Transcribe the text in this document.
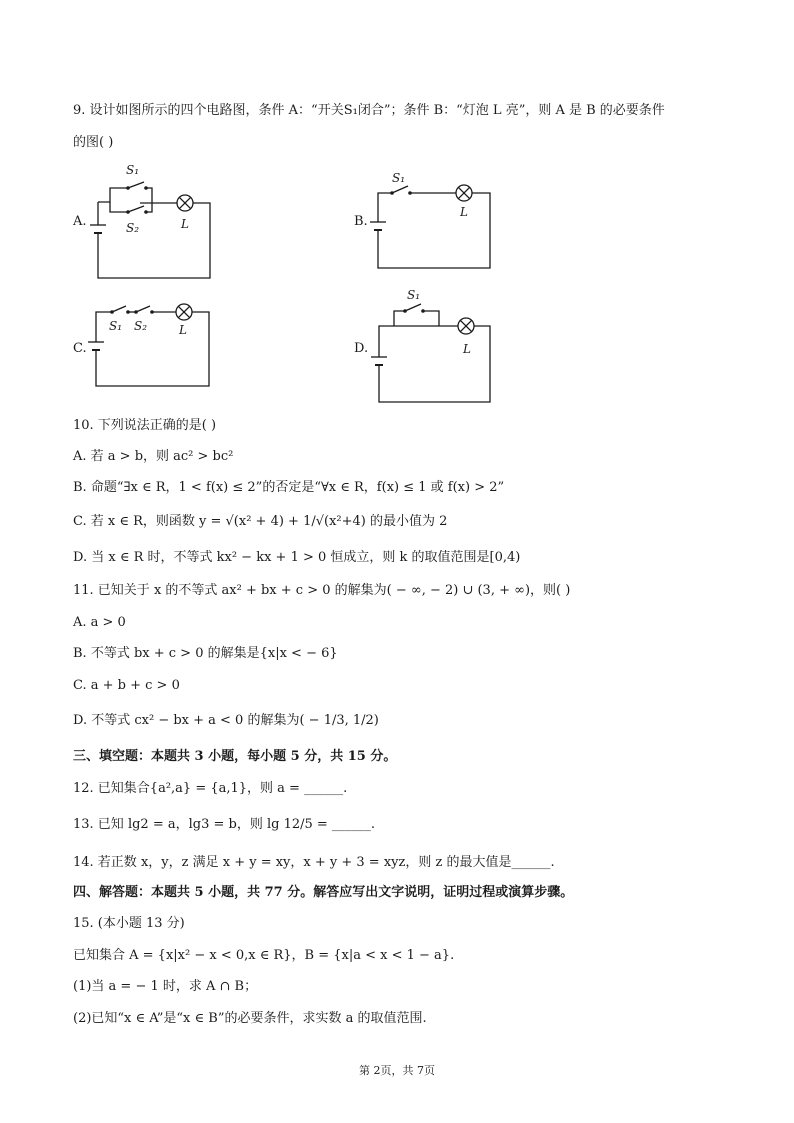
9. 设计如图所示的四个电路图，条件 A：“开关S₁闭合”；条件 B：“灯泡 L 亮”，则 A 是 B 的必要条件
的图( )
A.
S₁
S₂	L	B.
S₁
L
C.
S₁ S₂	L
D.
S₁
L
10. 下列说法正确的是( )
A. 若 a > b，则 ac² > bc²
B. 命题“∃x ∈ R，1 < f(x) ≤ 2”的否定是“∀x ∈ R，f(x) ≤ 1 或 f(x) > 2”
C. 若 x ∈ R，则函数 y = √(x² + 4) + 1/√(x²+4) 的最小值为 2
D. 当 x ∈ R 时，不等式 kx² − kx + 1 > 0 恒成立，则 k 的取值范围是[0,4)
11. 已知关于 x 的不等式 ax² + bx + c > 0 的解集为( − ∞, − 2) ∪ (3, + ∞)，则( )
A. a > 0
B. 不等式 bx + c > 0 的解集是{x|x < − 6}
C. a + b + c > 0
D. 不等式 cx² − bx + a < 0 的解集为( − 1/3, 1/2)
三、填空题：本题共 3 小题，每小题 5 分，共 15 分。
12. 已知集合{a²,a} = {a,1}，则 a = ______.
13. 已知 lg2 = a，lg3 = b，则 lg 12/5 = ______.
14. 若正数 x，y，z 满足 x + y = xy，x + y + 3 = xyz，则 z 的最大值是______.
四、解答题：本题共 5 小题，共 77 分。解答应写出文字说明，证明过程或演算步骤。
15. (本小题 13 分)
已知集合 A = {x|x² − x < 0,x ∈ R}，B = {x|a < x < 1 − a}.
(1)当 a = − 1 时，求 A ∩ B；
(2)已知“x ∈ A”是“x ∈ B”的必要条件，求实数 a 的取值范围.
第 2页，共 7页
